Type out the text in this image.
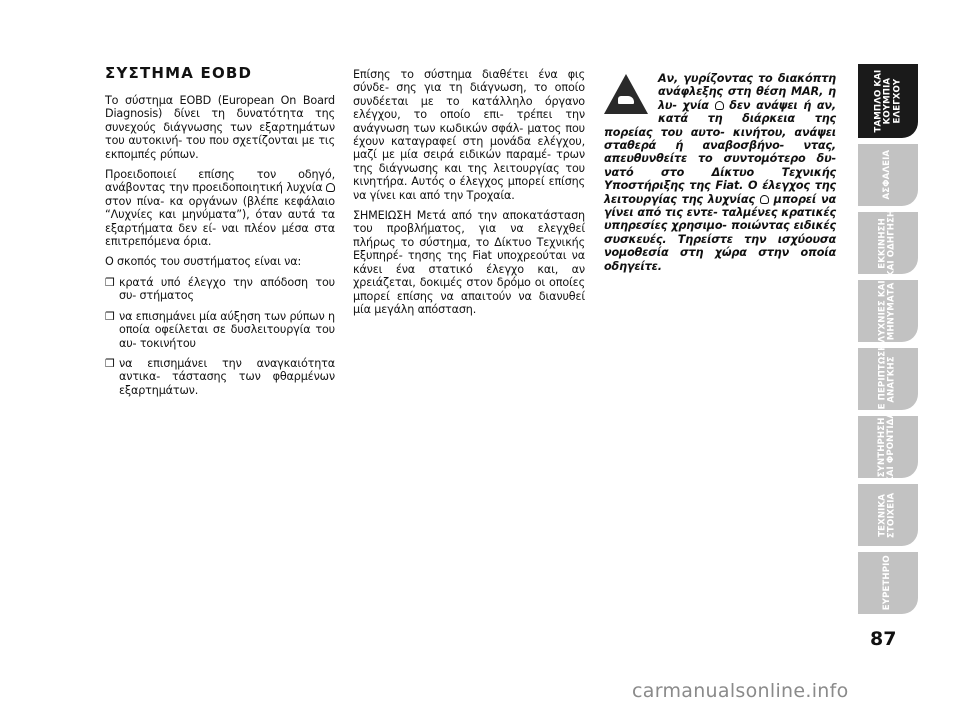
ΣΥΣΤΗΜΑ EOBD

Το σύστημα EOBD (European On Board Diagnosis) δίνει τη δυνατότητα της συνεχούς διάγνωσης των εξαρτημάτων του αυτοκινή- του που σχετίζονται με τις εκπομπές ρύπων.

Προειδοποιεί επίσης τον οδηγό, ανάβοντας την προειδοποιητική λυχνία  στον πίνα- κα οργάνων (βλέπε κεφάλαιο “Λυχνίες και μηνύματα”), όταν αυτά τα εξαρτήματα δεν εί- ναι πλέον μέσα στα επιτρεπόμενα όρια.

Ο σκοπός του συστήματος είναι να:

❒ κρατά υπό έλεγχο την απόδοση του συ- στήματος
❒ να επισημάνει μία αύξηση των ρύπων η οποία οφείλεται σε δυσλειτουργία του αυ- τοκινήτου
❒ να επισημάνει την αναγκαιότητα αντικα- τάστασης των φθαρμένων εξαρτημάτων.

Επίσης το σύστημα διαθέτει ένα φις σύνδε- σης για τη διάγνωση, το οποίο συνδέεται με το κατάλληλο όργανο ελέγχου, το οποίο επι- τρέπει την ανάγνωση των κωδικών σφάλ- ματος που έχουν καταγραφεί στη μονάδα ελέγχου, μαζί με μία σειρά ειδικών παραμέ- τρων της διάγνωσης και της λειτουργίας του κινητήρα. Αυτός ο έλεγχος μπορεί επίσης να γίνει και από την Τροχαία.

ΣΗΜΕΙΩΣΗ Μετά από την αποκατάσταση του προβλήματος, για να ελεγχθεί πλήρως το σύστημα, το Δίκτυο Τεχνικής Εξυπηρέ- τησης της Fiat υποχρεούται να κάνει ένα στατικό έλεγχο και, αν χρειάζεται, δοκιμές στον δρόμο οι οποίες μπορεί επίσης να απαιτούν να διανυθεί μία μεγάλη απόσταση.

Αν, γυρίζοντας το διακόπτη ανάφλεξης στη θέση MAR, η λυ- χνία  δεν ανάψει ή αν, κατά τη διάρκεια της πορείας του αυτο- κινήτου, ανάψει σταθερά ή αναβοσβήνο- ντας, απευθυνθείτε το συντομότερο δυ- νατό στο Δίκτυο Τεχνικής Υποστήριξης της Fiat. Ο έλεγχος της λειτουργίας της λυχνίας  μπορεί να γίνει από τις εντε- ταλμένες κρατικές υπηρεσίες χρησιμο- ποιώντας ειδικές συσκευές. Τηρείστε την ισχύουσα νομοθεσία στη χώρα στην οποία οδηγείτε.

ΤΑΜΠΛΟ ΚΑΙ
ΚΟΥΜΠΙΑ
ΕΛΕΓΧΟΥ
ΑΣΦΑΛΕΙΑ
ΕΚΚΙΝΗΣΗ
ΚΑΙ ΟΔΗΓΗΣΗ
ΛΥΧΝΙΕΣ ΚΑΙ
ΜΗΝΥΜΑΤΑ
ΣΕ ΠΕΡΙΠΤΩΣΗ
ΑΝΑΓΚΗΣ
ΣΥΝΤΗΡΗΣΗ
ΚΑΙ ΦΡΟΝΤΙΔΑ
ΤΕΧΝΙΚΑ
ΣΤΟΙΧΕΙΑ
ΕΥΡΕΤΗΡΙΟ
87
carmanualsonline.info
